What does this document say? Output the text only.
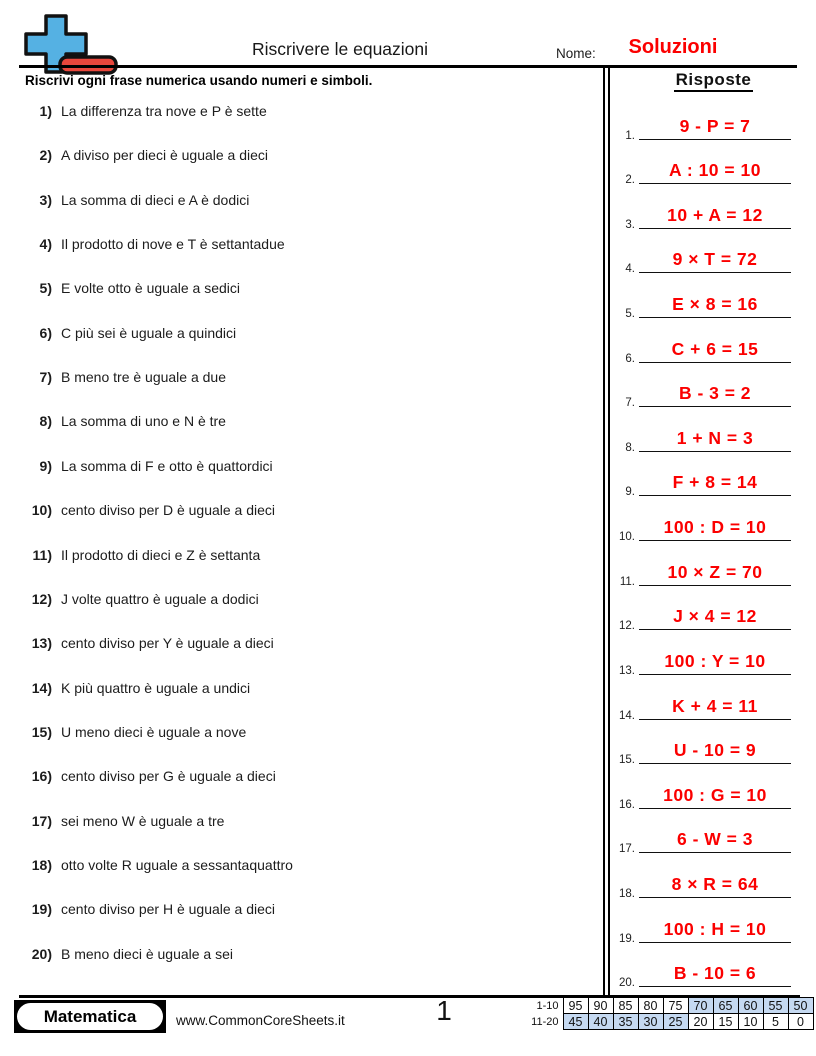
Riscrivere le equazioni	Nome:	Soluzioni
Riscrivi ogni frase numerica usando numeri e simboli.
1) La differenza tra nove e P è sette
2) A diviso per dieci è uguale a dieci
3) La somma di dieci e A è dodici
4) Il prodotto di nove e T è settantadue
5) E volte otto è uguale a sedici
6) C più sei è uguale a quindici
7) B meno tre è uguale a due
8) La somma di uno e N è tre
9) La somma di F e otto è quattordici
10) cento diviso per D è uguale a dieci
11) Il prodotto di dieci e Z è settanta
12) J volte quattro è uguale a dodici
13) cento diviso per Y è uguale a dieci
14) K più quattro è uguale a undici
15) U meno dieci è uguale a nove
16) cento diviso per G è uguale a dieci
17) sei meno W è uguale a tre
18) otto volte R uguale a sessantaquattro
19) cento diviso per H è uguale a dieci
20) B meno dieci è uguale a sei
Risposte
1.	9 - P = 7
2.	A : 10 = 10
3.	10 + A = 12
4.	9 × T = 72
5.	E × 8 = 16
6.	C + 6 = 15
7.	B - 3 = 2
8.	1 + N = 3
9.	F + 8 = 14
10.	100 : D = 10
11.	10 × Z = 70
12.	J × 4 = 12
13.	100 : Y = 10
14.	K + 4 = 11
15.	U - 10 = 9
16.	100 : G = 10
17.	6 - W = 3
18.	8 × R = 64
19.	100 : H = 10
20.	B - 10 = 6
Matematica	www.CommonCoreSheets.it	1	1-10	95	90	85	80	75	70	65	60	55	50
11-20	45	40	35	30	25	20	15	10	5	0
